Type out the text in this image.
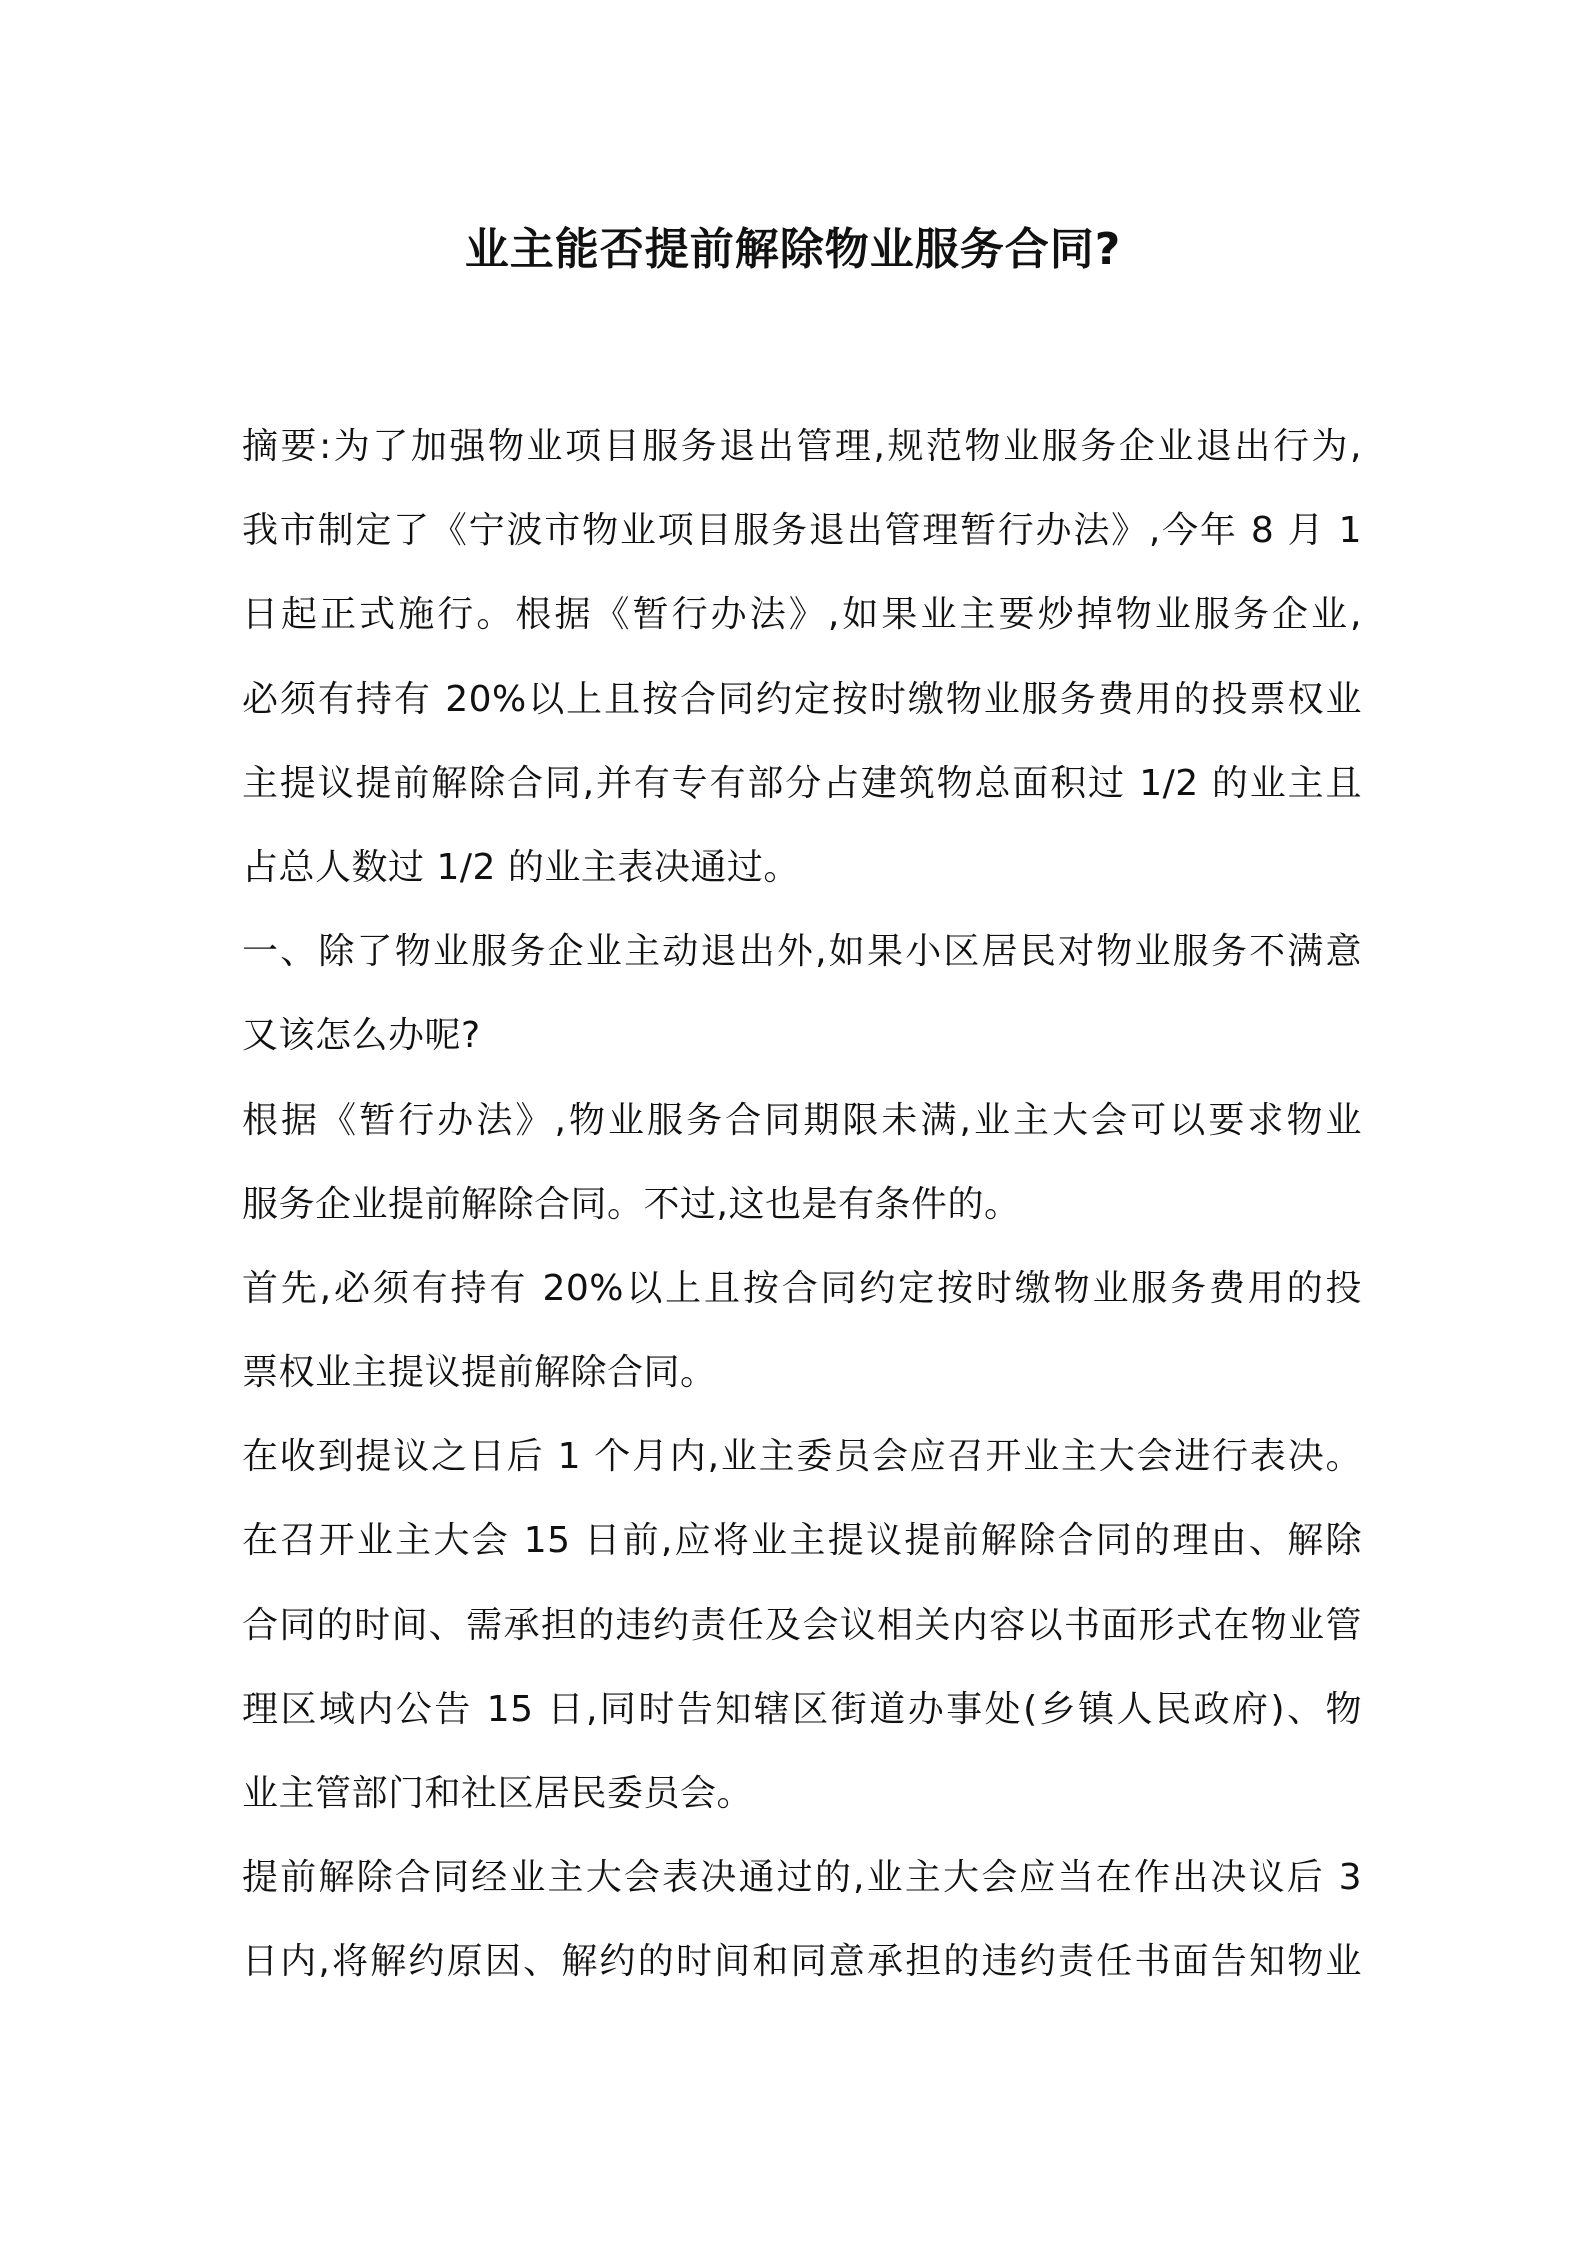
业主能否提前解除物业服务合同?
摘要:为了加强物业项目服务退出管理,规范物业服务企业退出行为,
我市制定了《宁波市物业项目服务退出管理暂行办法》,今年 8 月 1
日起正式施行。根据《暂行办法》,如果业主要炒掉物业服务企业,
必须有持有 20%以上且按合同约定按时缴物业服务费用的投票权业
主提议提前解除合同,并有专有部分占建筑物总面积过 1/2 的业主且
占总人数过 1/2 的业主表决通过。
一、除了物业服务企业主动退出外,如果小区居民对物业服务不满意
又该怎么办呢?
根据《暂行办法》,物业服务合同期限未满,业主大会可以要求物业
服务企业提前解除合同。不过,这也是有条件的。
首先,必须有持有 20%以上且按合同约定按时缴物业服务费用的投
票权业主提议提前解除合同。
在收到提议之日后 1 个月内,业主委员会应召开业主大会进行表决。
在召开业主大会 15 日前,应将业主提议提前解除合同的理由、解除
合同的时间、需承担的违约责任及会议相关内容以书面形式在物业管
理区域内公告 15 日,同时告知辖区街道办事处(乡镇人民政府)、物
业主管部门和社区居民委员会。
提前解除合同经业主大会表决通过的,业主大会应当在作出决议后 3
日内,将解约原因、解约的时间和同意承担的违约责任书面告知物业
